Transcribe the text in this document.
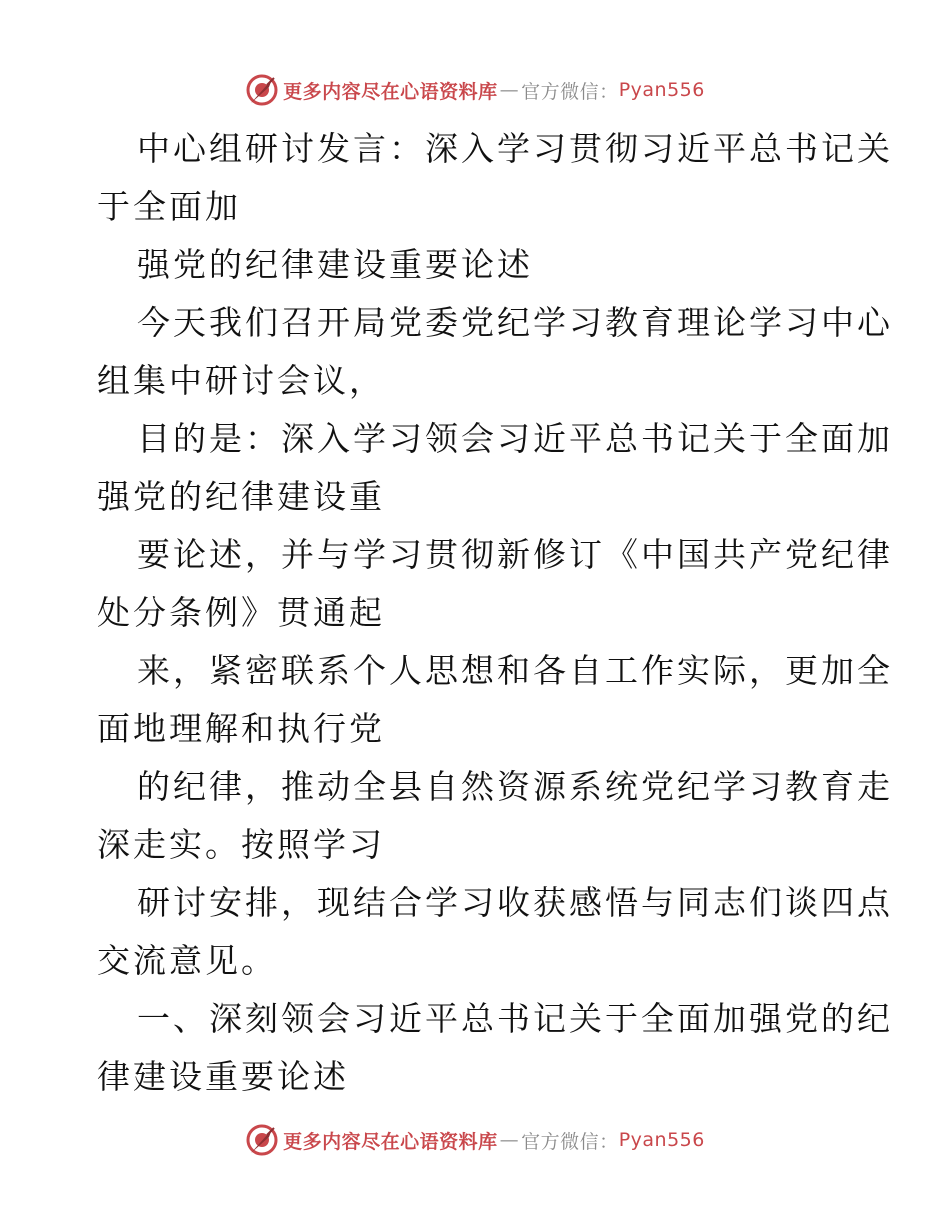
更多内容尽在心语资料库 — 官方微信： Pyan556
中心组研讨发言：深入学习贯彻习近平总书记关
于全面加
强党的纪律建设重要论述
今天我们召开局党委党纪学习教育理论学习中心
组集中研讨会议，
目的是：深入学习领会习近平总书记关于全面加
强党的纪律建设重
要论述，并与学习贯彻新修订《中国共产党纪律
处分条例》贯通起
来，紧密联系个人思想和各自工作实际，更加全
面地理解和执行党
的纪律，推动全县自然资源系统党纪学习教育走
深走实。按照学习
研讨安排，现结合学习收获感悟与同志们谈四点
交流意见。
一、深刻领会习近平总书记关于全面加强党的纪
律建设重要论述
更多内容尽在心语资料库 — 官方微信： Pyan556
